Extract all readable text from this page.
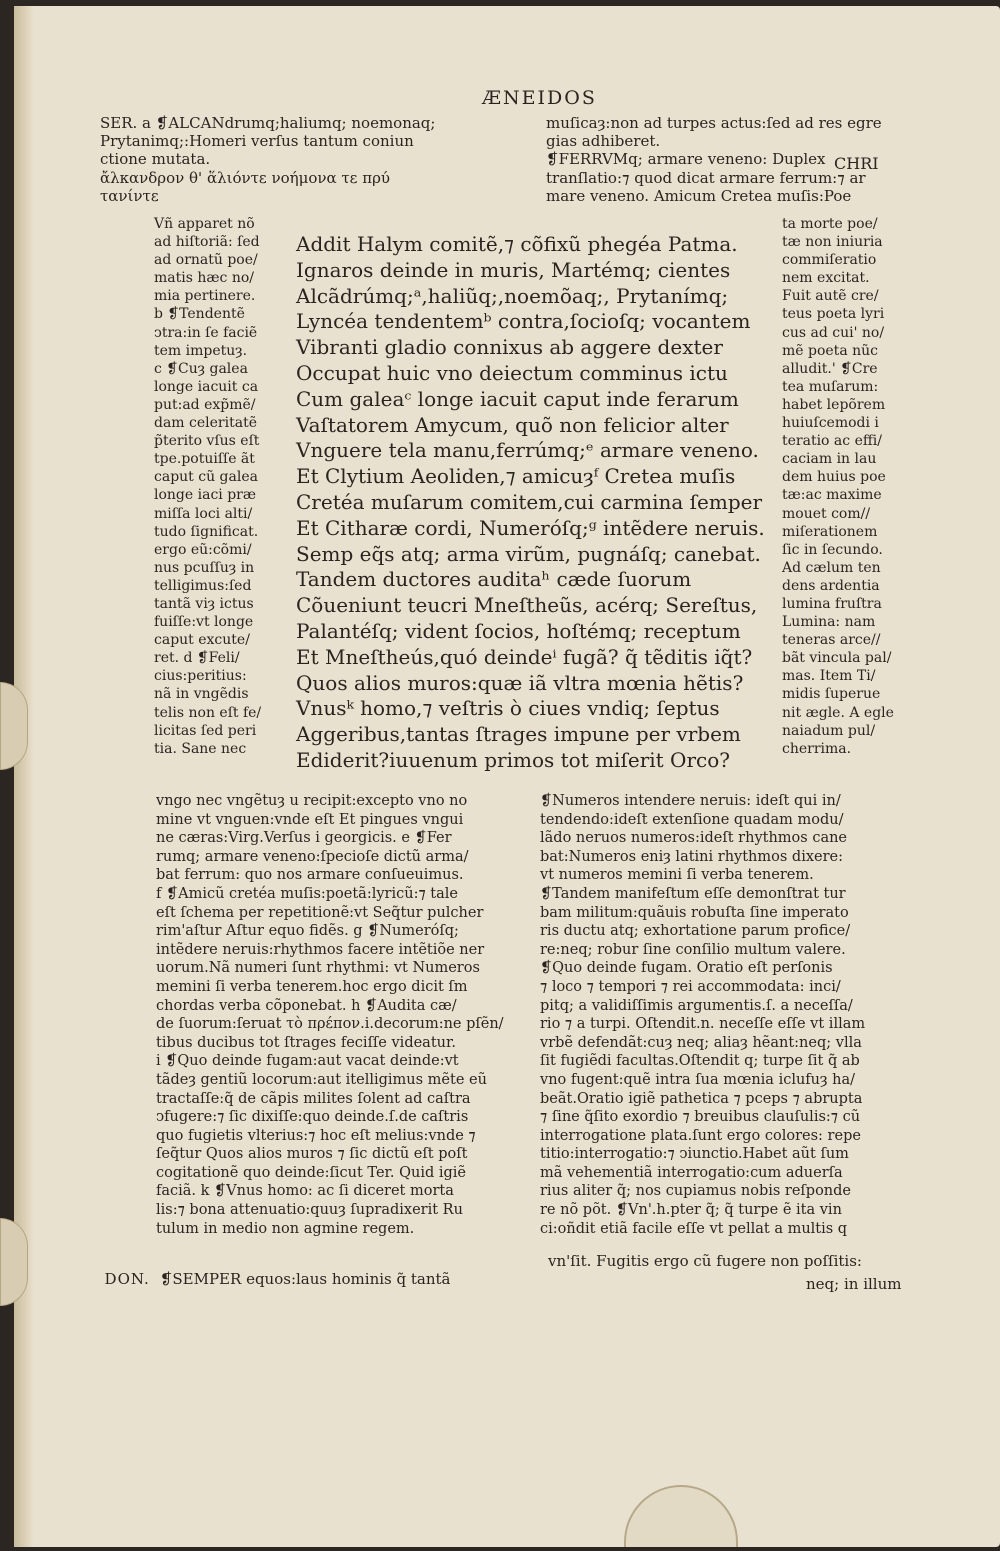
ÆNEIDOS
CHRI
SER. a ❡ALCANdrumq;haliumq; noemonaq;
Prytanimq;:Homeri verſus tantum coniun
ctione mutata.
ἄλκανδρον θ' ἅλιόντε νοήμονα τε πρύ
τανίντε
muſicaȝ:non ad turpes actus:ſed ad res egre
gias adhiberet.
❡FERRVMq; armare veneno: Duplex
tranſlatio:⁊ quod dicat armare ferrum:⁊ ar
mare veneno. Amicum Cretea muſis:Poe
Vñ apparet nõ
ad hiſtoriã: ſed
ad ornatũ poe/
matis hæc no/
mia pertinere.
b ❡Tendentẽ
ↄtra:in ſe faciẽ
tem impetuȝ.
c ❡Cuȝ galea
longe iacuit ca
put:ad exp̃mẽ/
dam celeritatẽ
p̃terito vſus eſt
tpe.potuiſſe ãt
caput cũ galea
longe iaci præ
miſſa loci alti/
tudo ſignificat.
ergo eũ:cõmi/
nus pcuſſuȝ in
telligimus:ſed
tantã viȝ ictus
fuiſſe:vt longe
caput excute/
ret. d ❡Feli/
cius:peritius:
nã in vngẽdis
telis non eſt fe/
licitas ſed peri
tia. Sane nec
ta morte poe/
tæ non iniuria
commiſeratio
nem excitat.
Fuit autẽ cre/
teus poeta lyri
cus ad cui' no/
mẽ poeta nũc
alludit.' ❡Cre
tea muſarum:
habet lepõrem
huiuſcemodi i
teratio ac effi/
caciam in lau
dem huius poe
tæ:ac maxime
mouet com//
miſerationem
ſic in ſecundo.
Ad cælum ten
dens ardentia
lumina fruſtra
Lumina: nam
teneras arce//
bãt vincula pal/
mas. Item Ti/
midis ſuperue
nit ægle. A egle
naiadum pul/
cherrima.
Addit Halym comitẽ,⁊ cõfixũ phegéa Patma.
Ignaros deinde in muris, Martémq; cientes
Alcãdrúmq;ᵃ,haliũq;,noemõaq;, Prytanímq;
Lyncéa tendentemᵇ contra,ſocioſq; vocantem
Vibranti gladio connixus ab aggere dexter
Occupat huic vno deiectum comminus ictu
Cum galeaᶜ longe iacuit caput inde ferarum
Vaſtatorem Amycum, quõ non felicior alter
Vnguere tela manu,ferrúmq;ᵉ armare veneno.
Et Clytium Aeoliden,⁊ amicuȝᶠ Cretea muſis
Cretéa muſarum comitem,cui carmina ſemper
Et Citharæ cordi, Numeróſq;ᵍ intẽdere neruis.
Semp eq̃s atq; arma virũm, pugnáſq; canebat.
Tandem ductores auditaʰ cæde ſuorum
Cõueniunt teucri Mneſtheũs, acérq; Sereſtus,
Palantéſq; vident ſocios, hoſtémq; receptum
Et Mneſtheús,quó deindeⁱ fugã? q̃ tẽditis iq̃t?
Quos alios muros:quæ iã vltra mœnia hẽtis?
Vnusᵏ homo,⁊ veſtris ò ciues vndiq; ſeptus
Aggeribus,tantas ſtrages impune per vrbem
Ediderit?iuuenum primos tot miſerit Orco?
vngo nec vngẽtuȝ u recipit:excepto vno no
mine vt vnguen:vnde eſt Et pingues vngui
ne cæras:Virg.Verſus i georgicis. e ❡Fer
rumq; armare veneno:ſpecioſe dictũ arma/
bat ferrum: quo nos armare conſueuimus.
f ❡Amicũ cretéa muſis:poetã:lyricũ:⁊ tale
eſt ſchema per repetitionẽ:vt Seq̃tur pulcher
rim'aſtur Aſtur equo fidẽs. g ❡Numeróſq;
intẽdere neruis:rhythmos facere intẽtiõe ner
uorum.Nã numeri ſunt rhythmi: vt Numeros
memini ſi verba tenerem.hoc ergo dicit ſm
chordas verba cõponebat. h ❡Audita cæ/
de ſuorum:ſeruat τὸ πρέπον.i.decorum:ne pſẽn/
tibus ducibus tot ſtrages feciſſe videatur.
i ❡Quo deinde fugam:aut vacat deinde:vt
tãdeȝ gentiũ locorum:aut itelligimus mẽte eũ
tractaſſe:q̃ de cãpis milites ſolent ad caſtra
ↄfugere:⁊ ſic dixiſſe:quo deinde.ſ.de caſtris
quo fugietis vlterius:⁊ hoc eſt melius:vnde ⁊
ſeq̃tur Quos alios muros ⁊ ſic dictũ eſt poſt
cogitationẽ quo deinde:ſicut Ter. Quid igiẽ
faciã. k ❡Vnus homo: ac ſi diceret morta
lis:⁊ bona attenuatio:quuȝ ſupradixerit Ru
tulum in medio non agmine regem.
❡Numeros intendere neruis: ideſt qui in/
tendendo:ideſt extenſione quadam modu/
lãdo neruos numeros:ideſt rhythmos cane
bat:Numeros eniȝ latini rhythmos dixere:
vt numeros memini ſi verba tenerem.
❡Tandem manifeſtum eſſe demonſtrat tur
bam militum:quãuis robuſta ſine imperato
ris ductu atq; exhortatione parum profice/
re:neq; robur ſine conſilio multum valere.
❡Quo deinde fugam. Oratio eſt perſonis
⁊ loco ⁊ tempori ⁊ rei accommodata: inci/
pitq; a validiſſimis argumentis.ſ. a neceſſa/
rio ⁊ a turpi. Oſtendit.n. neceſſe eſſe vt illam
vrbẽ defendãt:cuȝ neq; aliaȝ hẽant:neq; vlla
ſit fugiẽdi facultas.Oſtendit q; turpe ſit q̃ ab
vno fugent:quẽ intra ſua mœnia iclufuȝ ha/
beãt.Oratio igiẽ pathetica ⁊ pceps ⁊ abrupta
⁊ ſine q̃ſito exordio ⁊ breuibus clauſulis:⁊ cũ
interrogatione plata.ſunt ergo colores: repe
titio:interrogatio:⁊ ↄiunctio.Habet aũt ſum
mã vehementiã interrogatio:cum aduerſa
rius aliter q̃; nos cupiamus nobis reſponde
re nõ põt. ❡Vn'.h.pter q̃; q̃ turpe ẽ ita vin
ci:oñdit etiã facile eſſe vt pellat a multis q

DON. ❡SEMPER equos:laus hominis q̃ tantã

vn'ſit. Fugitis ergo cũ fugere non poſſitis:

neq; in illum
